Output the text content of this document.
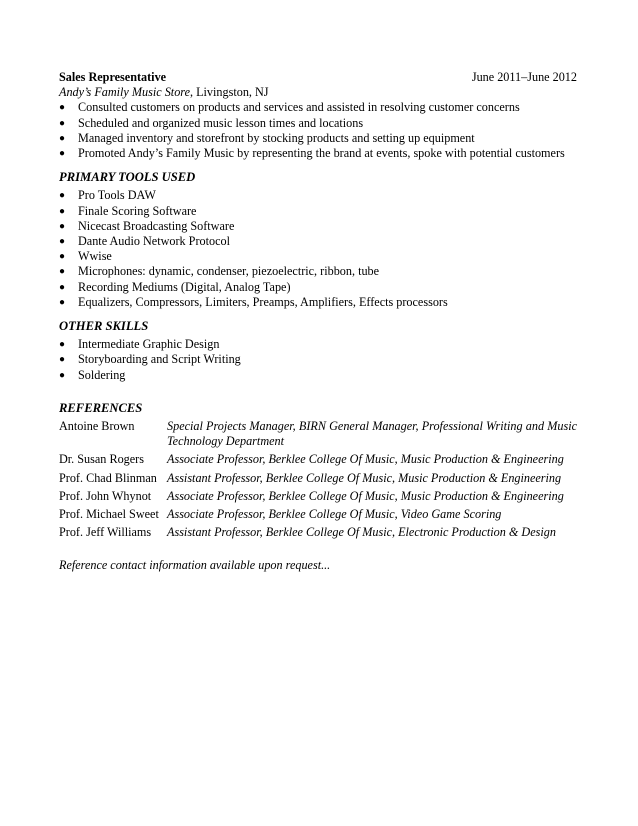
Sales Representative	June 2011–June 2012
Andy’s Family Music Store, Livingston, NJ
● Consulted customers on products and services and assisted in resolving customer concerns
● Scheduled and organized music lesson times and locations
● Managed inventory and storefront by stocking products and setting up equipment
● Promoted Andy’s Family Music by representing the brand at events, spoke with potential customers
PRIMARY TOOLS USED
● Pro Tools DAW
● Finale Scoring Software
● Nicecast Broadcasting Software
● Dante Audio Network Protocol
● Wwise
● Microphones: dynamic, condenser, piezoelectric, ribbon, tube
● Recording Mediums (Digital, Analog Tape)
● Equalizers, Compressors, Limiters, Preamps, Amplifiers, Effects processors
OTHER SKILLS
● Intermediate Graphic Design
● Storyboarding and Script Writing
● Soldering
REFERENCES
Antoine Brown	Special Projects Manager, BIRN General Manager, Professional Writing and Music Technology Department
Dr. Susan Rogers	Associate Professor, Berklee College Of Music, Music Production & Engineering
Prof. Chad Blinman Assistant Professor, Berklee College Of Music, Music Production & Engineering
Prof. John Whynot	Associate Professor, Berklee College Of Music, Music Production & Engineering
Prof. Michael Sweet Associate Professor, Berklee College Of Music, Video Game Scoring
Prof. Jeff Williams	Assistant Professor, Berklee College Of Music, Electronic Production & Design
Reference contact information available upon request...
